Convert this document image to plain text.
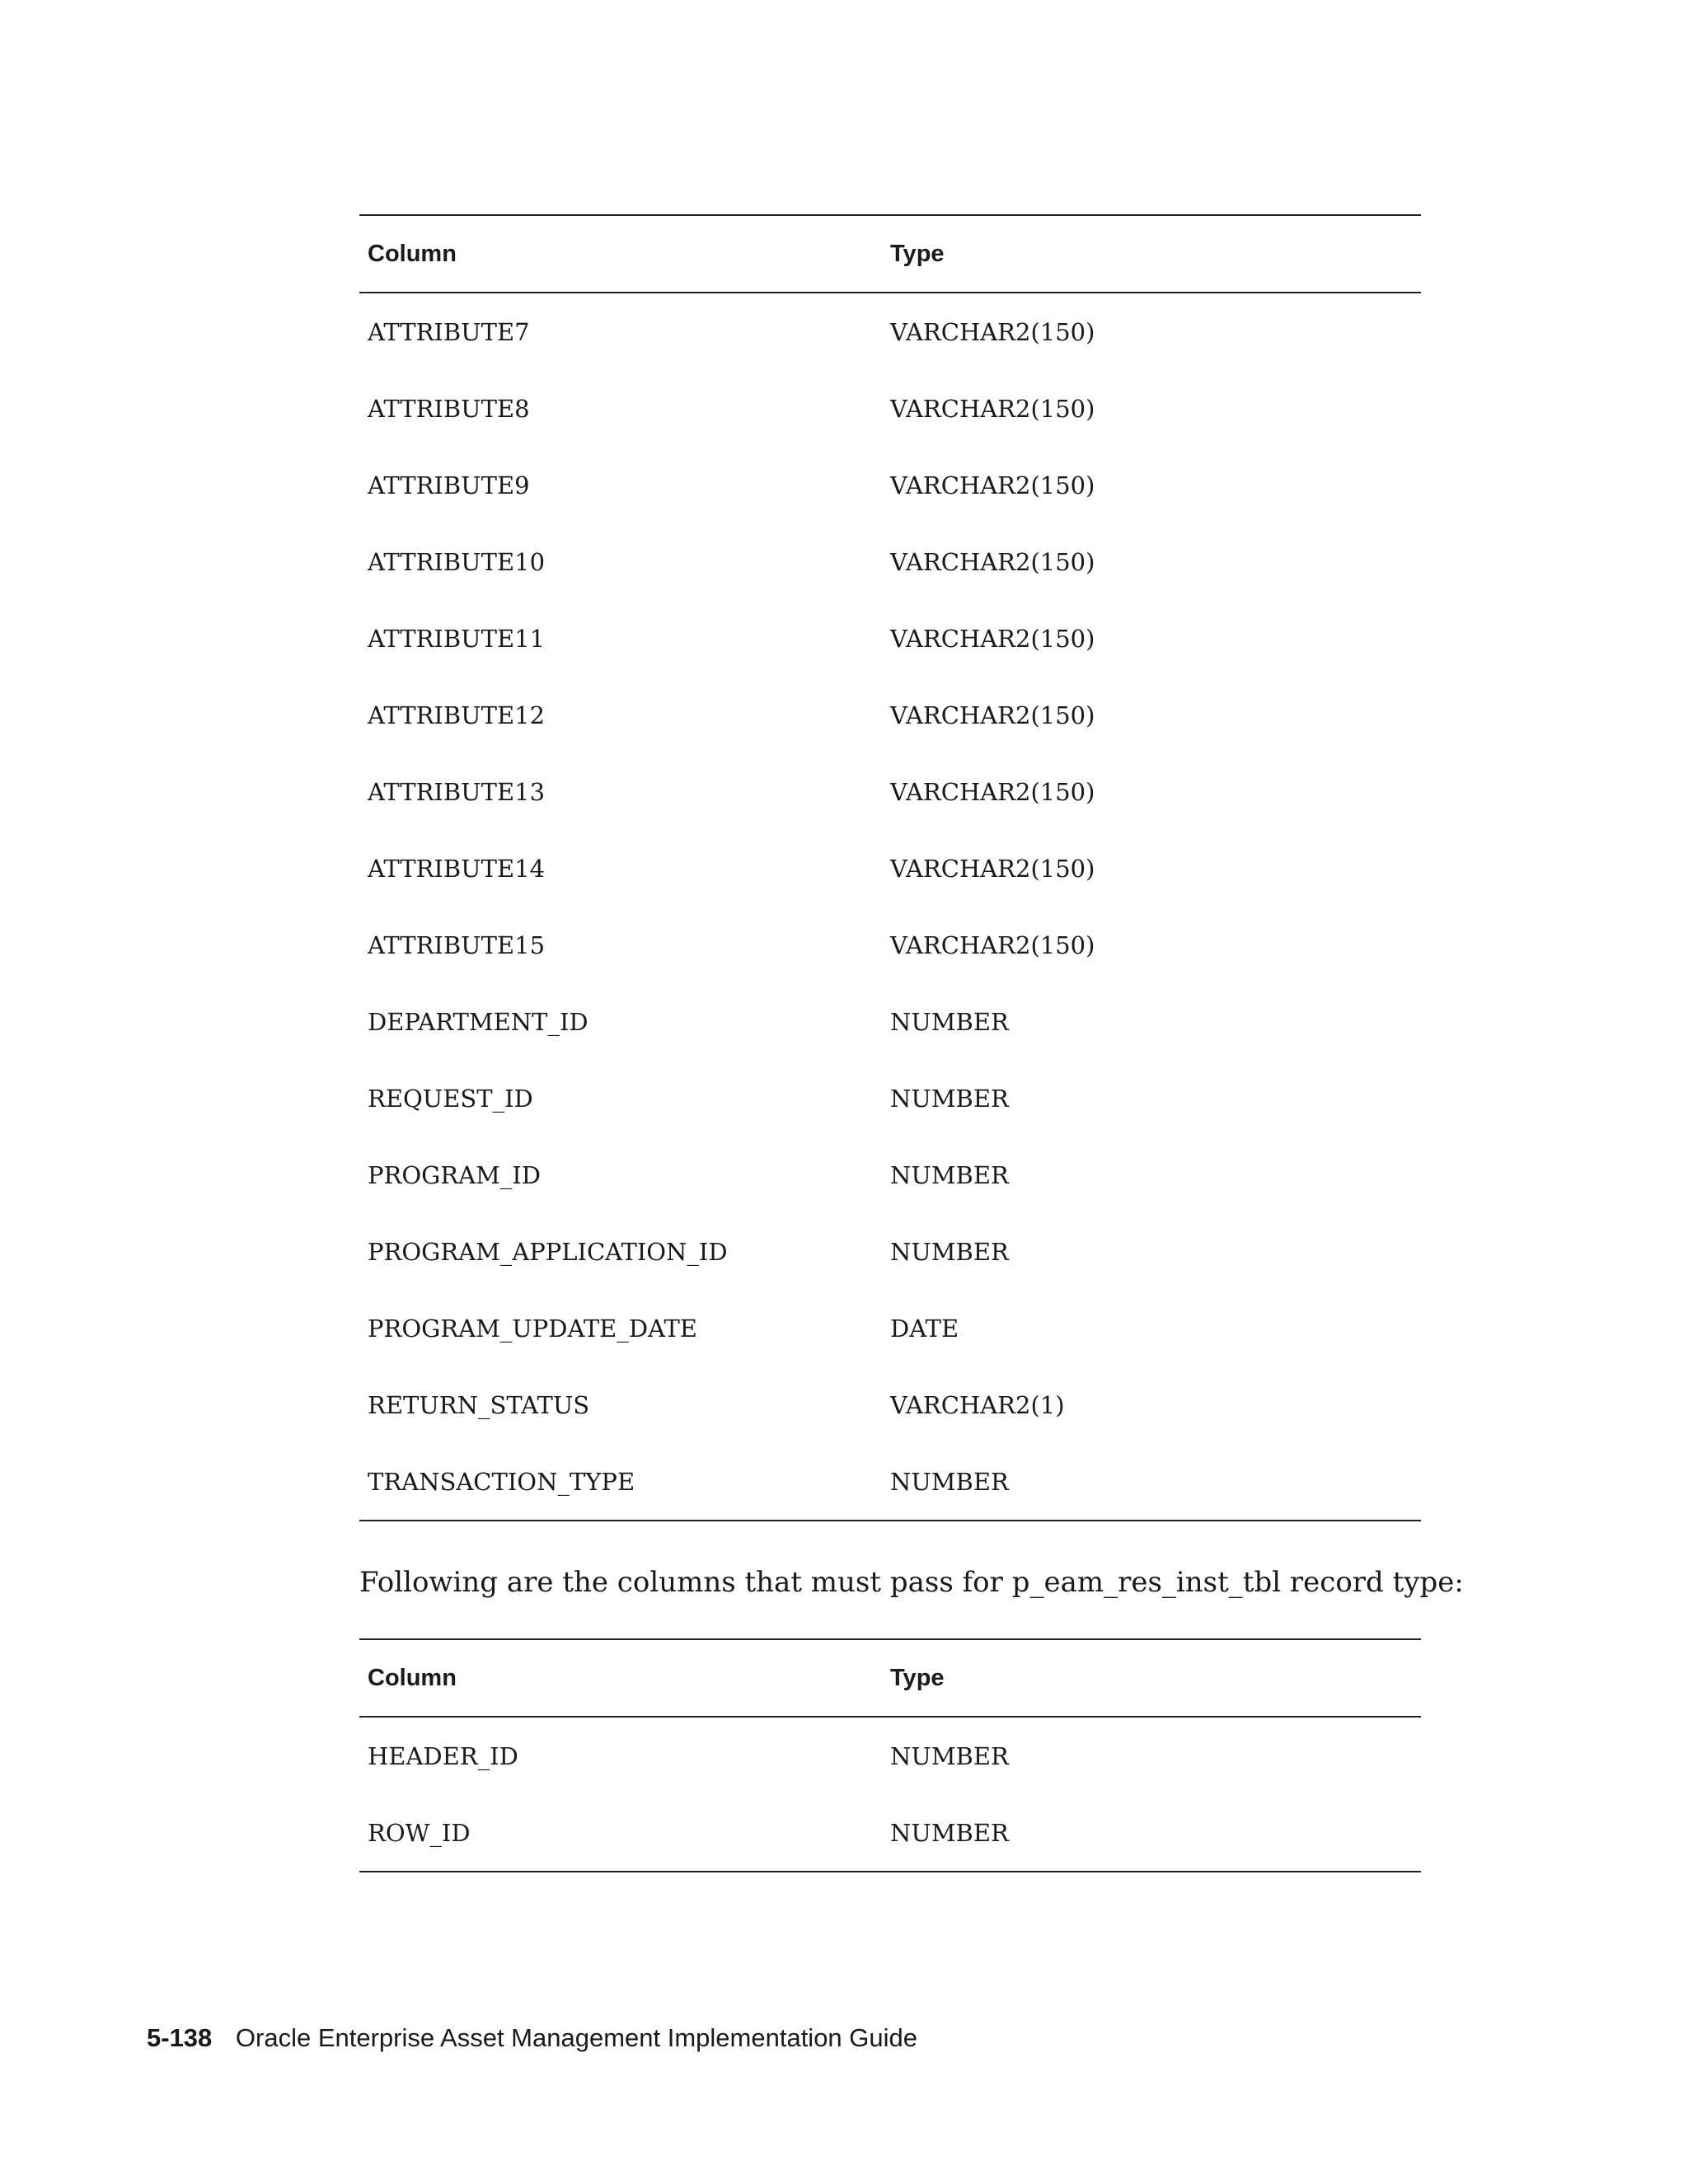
Column	Type
ATTRIBUTE7	VARCHAR2(150)
ATTRIBUTE8	VARCHAR2(150)
ATTRIBUTE9	VARCHAR2(150)
ATTRIBUTE10	VARCHAR2(150)
ATTRIBUTE11	VARCHAR2(150)
ATTRIBUTE12	VARCHAR2(150)
ATTRIBUTE13	VARCHAR2(150)
ATTRIBUTE14	VARCHAR2(150)
ATTRIBUTE15	VARCHAR2(150)
DEPARTMENT_ID	NUMBER
REQUEST_ID	NUMBER
PROGRAM_ID	NUMBER
PROGRAM_APPLICATION_ID	NUMBER
PROGRAM_UPDATE_DATE	DATE
RETURN_STATUS	VARCHAR2(1)
TRANSACTION_TYPE	NUMBER
Following are the columns that must pass for p_eam_res_inst_tbl record type:
Column	Type
HEADER_ID	NUMBER
ROW_ID	NUMBER
5-138 Oracle Enterprise Asset Management Implementation Guide
